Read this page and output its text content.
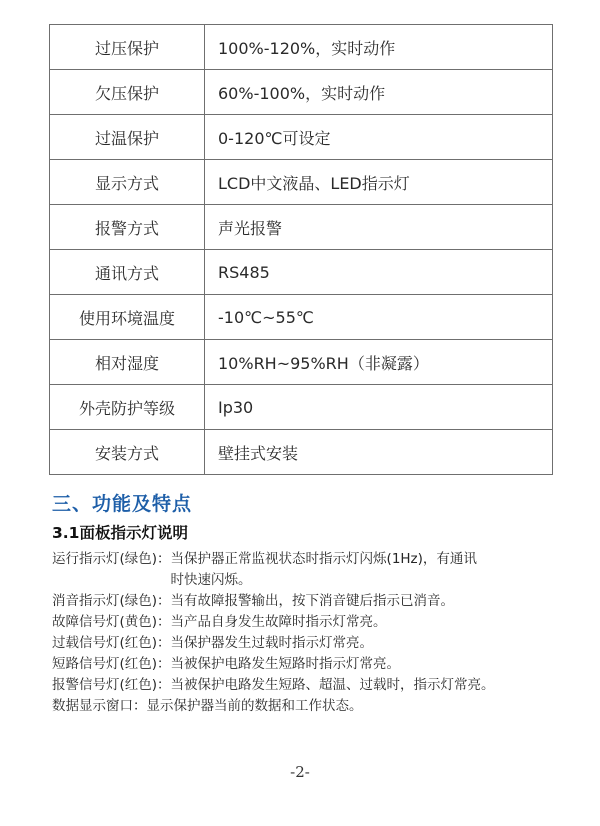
过压保护	100%-120%，实时动作
欠压保护	60%-100%，实时动作
过温保护	0-120℃可设定
显示方式	LCD中文液晶、LED指示灯
报警方式	声光报警
通讯方式	RS485
使用环境温度	-10℃~55℃
相对湿度	10%RH~95%RH（非凝露）
外壳防护等级	Ip30
安装方式	壁挂式安装
三、功能及特点
3.1面板指示灯说明
运行指示灯(绿色)： 当保护器正常监视状态时指示灯闪烁(1Hz)，有通讯
时快速闪烁。
消音指示灯(绿色)： 当有故障报警输出，按下消音键后指示已消音。
故障信号灯(黄色)： 当产品自身发生故障时指示灯常亮。
过载信号灯(红色)： 当保护器发生过载时指示灯常亮。
短路信号灯(红色)： 当被保护电路发生短路时指示灯常亮。
报警信号灯(红色)： 当被保护电路发生短路、超温、过载时，指示灯常亮。
数据显示窗口： 显示保护器当前的数据和工作状态。
-2-
